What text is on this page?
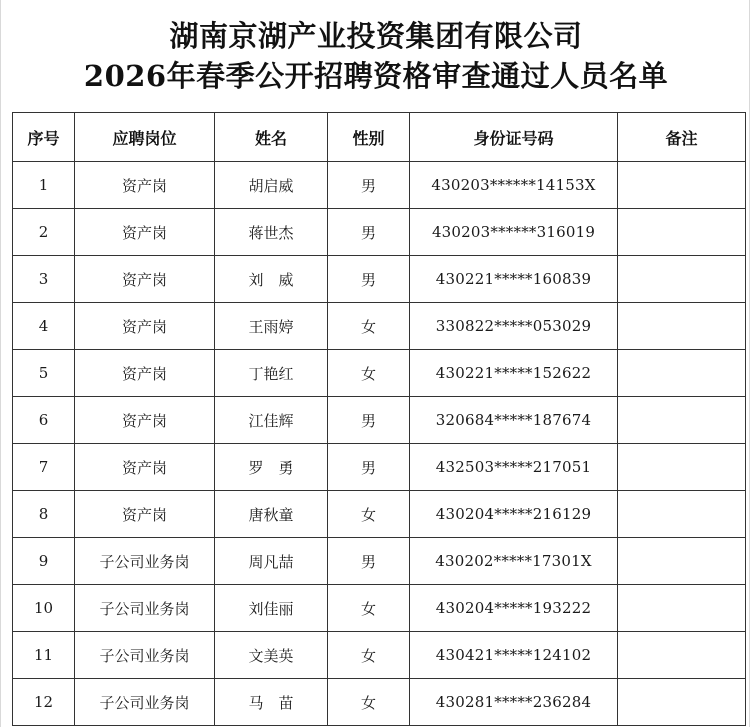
湖南京湖产业投资集团有限公司
2026年春季公开招聘资格审查通过人员名单
序号	应聘岗位	姓名	性别	身份证号码	备注
1	资产岗	胡启威	男	430203******14153X	
2	资产岗	蒋世杰	男	430203******316019	
3	资产岗	刘　威	男	430221*****160839	
4	资产岗	王雨婷	女	330822*****053029	
5	资产岗	丁艳红	女	430221*****152622	
6	资产岗	江佳辉	男	320684*****187674	
7	资产岗	罗　勇	男	432503*****217051	
8	资产岗	唐秋童	女	430204*****216129	
9	子公司业务岗	周凡喆	男	430202*****17301X	
10	子公司业务岗	刘佳丽	女	430204*****193222	
11	子公司业务岗	文美英	女	430421*****124102	
12	子公司业务岗	马　苗	女	430281*****236284	
